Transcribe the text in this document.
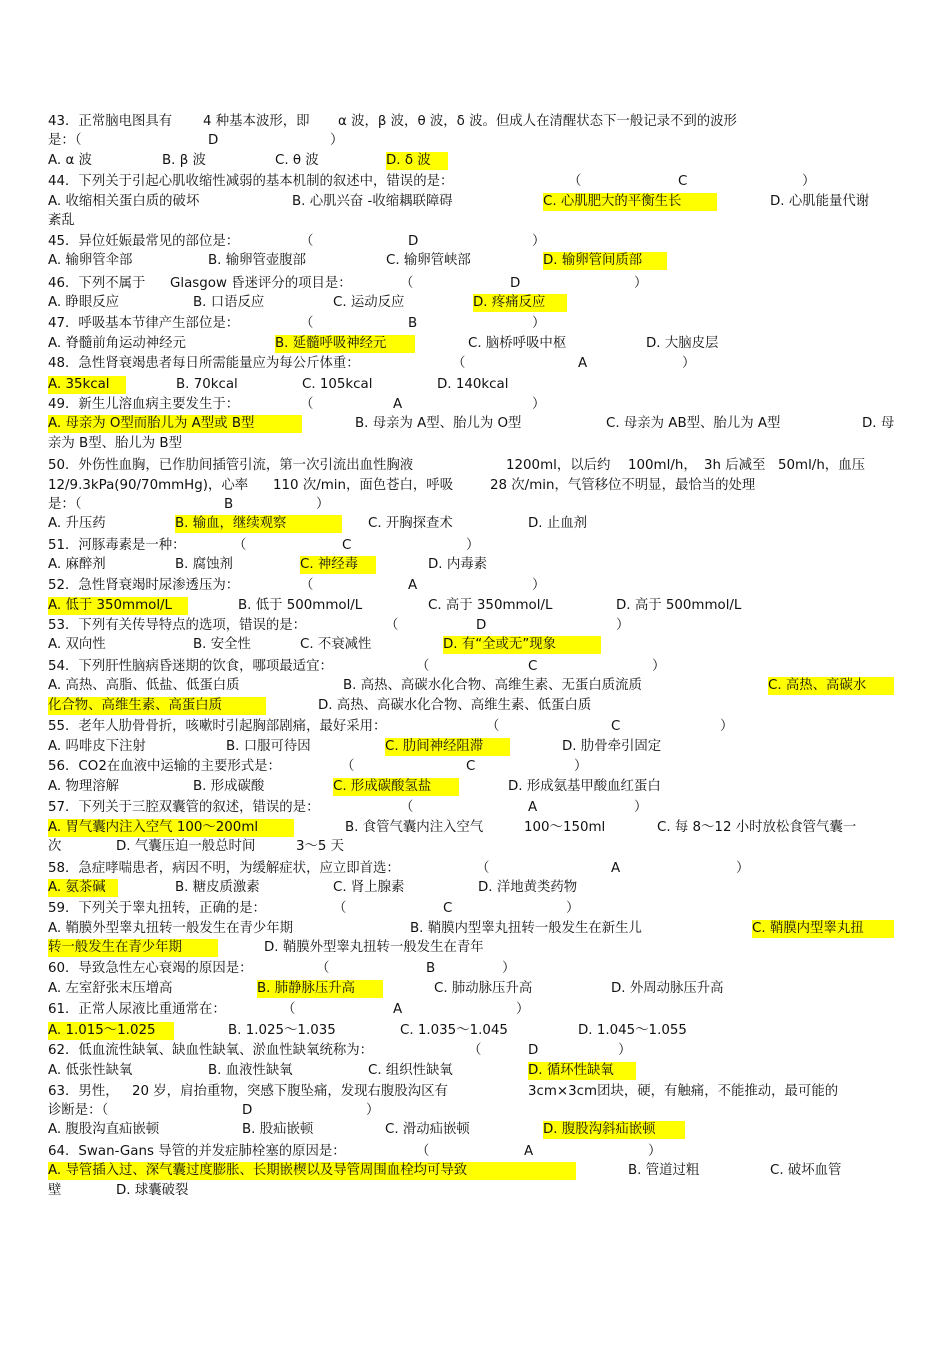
43．正常脑电图具有 4 种基本波形，即 α 波，β 波，θ 波，δ 波。但成人在清醒状态下一般记录不到的波形
是：（	D	）
A. α 波	B. β 波	C. θ 波	D. δ 波
44．下列关于引起心肌收缩性减弱的基本机制的叙述中，错误的是：	（	C	）
A. 收缩相关蛋白质的破坏	B. 心肌兴奋 -收缩耦联障碍	C. 心肌肥大的平衡生长	D. 心肌能量代谢
紊乱
45．异位妊娠最常见的部位是：	（	D	）
A. 输卵管伞部	B. 输卵管壶腹部	C. 输卵管峡部	D. 输卵管间质部
46．下列不属于 Glasgow 昏迷评分的项目是：	（	D	）
A. 睁眼反应	B. 口语反应	C. 运动反应	D. 疼痛反应
47．呼吸基本节律产生部位是：	（	B	）
A. 脊髓前角运动神经元	B. 延髓呼吸神经元	C. 脑桥呼吸中枢	D. 大脑皮层
48．急性肾衰竭患者每日所需能量应为每公斤体重：	（	A	）
A. 35kcal	B. 70kcal	C. 105kcal	D. 140kcal
49．新生儿溶血病主要发生于：	（	A	）
A. 母亲为 O型而胎儿为 A型或 B型	B. 母亲为 A型、胎儿为 O型	C. 母亲为 AB型、胎儿为 A型	D. 母
亲为 B型、胎儿为 B型
50．外伤性血胸，已作肋间插管引流，第一次引流出血性胸液	1200ml，以后约 100ml/h， 3h 后减至 50ml/h，血压
12/9.3kPa(90/70mmHg)，心率 110 次/min，面色苍白，呼吸	28 次/min，气管移位不明显，最恰当的处理
是：（	B	）
A. 升压药	B. 输血，继续观察	C. 开胸探查术	D. 止血剂
51．河豚毒素是一种：	（	C	）
A. 麻醉剂	B. 腐蚀剂	C. 神经毒	D. 内毒素
52．急性肾衰竭时尿渗透压为：	（	A	）
A. 低于 350mmol/L	B. 低于 500mmol/L	C. 高于 350mmol/L	D. 高于 500mmol/L
53．下列有关传导特点的选项，错误的是：	（	D	）
A. 双向性	B. 安全性	C. 不衰减性	D. 有“全或无”现象
54．下列肝性脑病昏迷期的饮食，哪项最适宜：	（	C	）
A. 高热、高脂、低盐、低蛋白质	B. 高热、高碳水化合物、高维生素、无蛋白质流质	C. 高热、高碳水
化合物、高维生素、高蛋白质	D. 高热、高碳水化合物、高维生素、低蛋白质
55．老年人肋骨骨折，咳嗽时引起胸部剧痛，最好采用：	（	C	）
A. 吗啡皮下注射	B. 口服可待因	C. 肋间神经阻滞	D. 肋骨牵引固定
56．CO2在血液中运输的主要形式是：	（	C	）
A. 物理溶解	B. 形成碳酸	C. 形成碳酸氢盐	D. 形成氨基甲酸血红蛋白
57．下列关于三腔双囊管的叙述，错误的是：	（	A	）
A. 胃气囊内注入空气 100～200ml	B. 食管气囊内注入空气	100～150ml	C. 每 8～12 小时放松食管气囊一
次	D. 气囊压迫一般总时间	3～5 天
58．急症哮喘患者，病因不明，为缓解症状，应立即首选：	（	A	）
A. 氨茶碱	B. 糖皮质激素	C. 肾上腺素	D. 洋地黄类药物
59．下列关于睾丸扭转，正确的是：	（	C	）
A. 鞘膜外型睾丸扭转一般发生在青少年期	B. 鞘膜内型睾丸扭转一般发生在新生儿	C. 鞘膜内型睾丸扭
转一般发生在青少年期	D. 鞘膜外型睾丸扭转一般发生在青年
60．导致急性左心衰竭的原因是：	（	B	）
A. 左室舒张末压增高	B. 肺静脉压升高	C. 肺动脉压升高	D. 外周动脉压升高
61．正常人尿液比重通常在：	（	A	）
A. 1.015～1.025	B. 1.025～1.035	C. 1.035～1.045	D. 1.045～1.055
62．低血流性缺氧、缺血性缺氧、淤血性缺氧统称为：	（	D	）
A. 低张性缺氧	B. 血液性缺氧	C. 组织性缺氧	D. 循环性缺氧
63．男性， 20 岁，肩抬重物，突感下腹坠痛，发现右腹股沟区有	3cm×3cm团块，硬，有触痛，不能推动，最可能的
诊断是：（	D	）
A. 腹股沟直疝嵌顿	B. 股疝嵌顿	C. 滑动疝嵌顿	D. 腹股沟斜疝嵌顿
64．Swan-Gans 导管的并发症肺栓塞的原因是：	（	A	）
A. 导管插入过、深气囊过度膨胀、长期嵌楔以及导管周围血栓均可导致	B. 管道过粗	C. 破坏血管
壁	D. 球囊破裂
